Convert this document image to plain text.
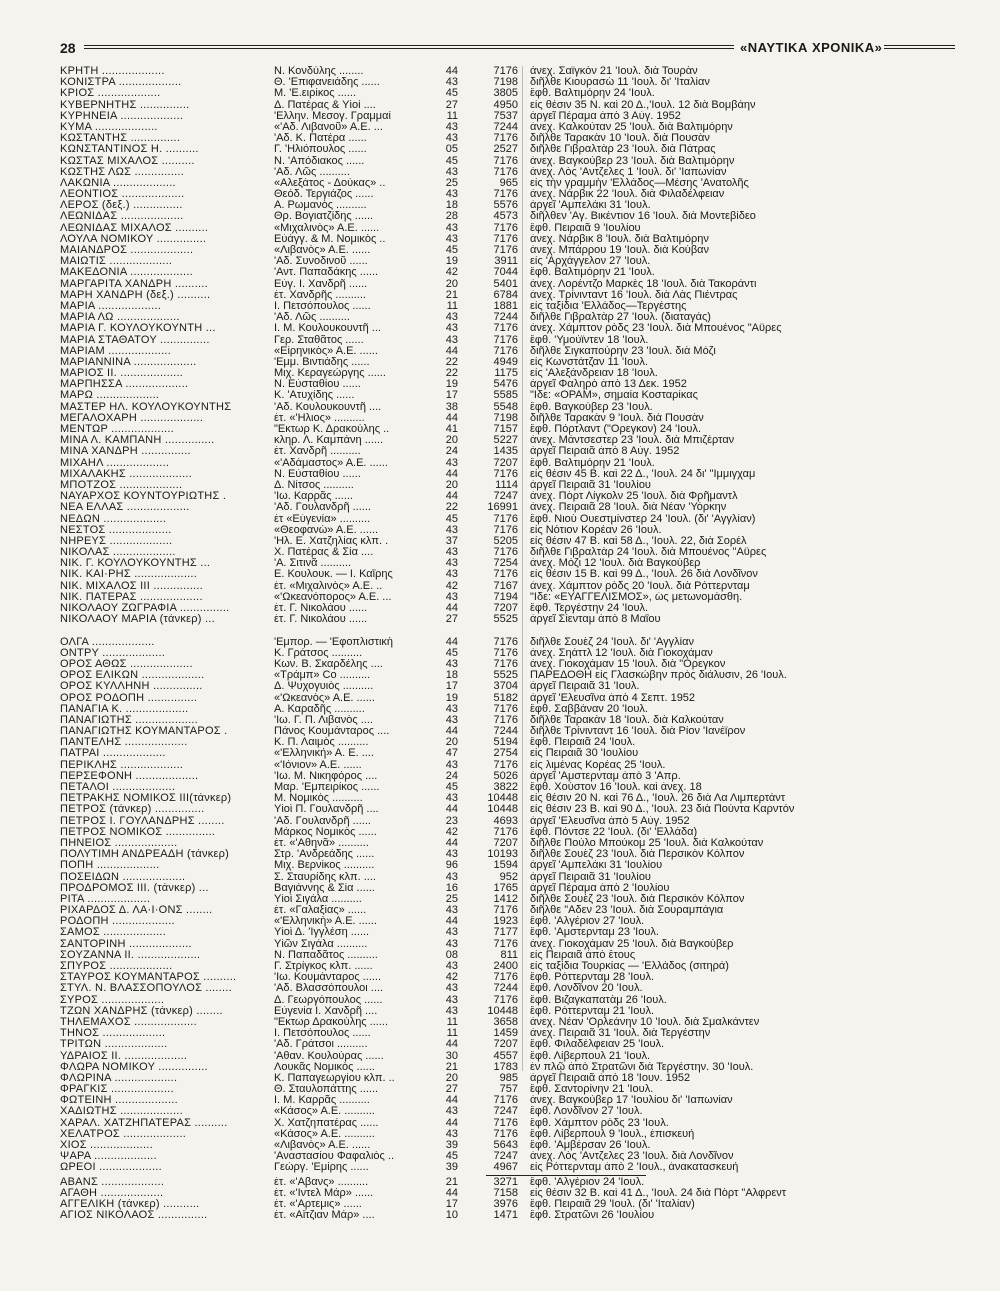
28	«ΝΑΥΤΙΚΑ ΧΡΟΝΙΚΑ»
ΚΡΗΤΗ ...................	Ν. Κονδύλης ........	44	7176 άνεχ. Σαϊγκὸν 21 'Ιουλ. διὰ Τουρὰν
ΚΟΝΙΣΤΡΑ ...................	Θ. 'Επιφανειάδης ......	43	7198 διῆλθε Κιουρασὼ 11 'Ιουλ. δι' 'Ιταλίαν
ΚΡΙΟΣ ...................	Μ. 'Ε.ειρίκος ......	45	3805 ἔφθ. Βαλτιμόρην 24 'Ιουλ.
ΚΥΒΕΡΝΗΤΗΣ ...............	Δ. Πατέρας & Υἱοί ....	27	4950 εἰς θέσιν 35 Ν. καὶ 20 Δ.,'Ιουλ. 12 διὰ Βομβάην
ΚΥΡΗΝΕΙΑ ...................	'Ελλην. Μεσογ. Γραμμαί	11	7537 ἀργεῖ Πέραμα ἀπὸ 3 Αὐγ. 1952
ΚΥΜΑ ...................	«'Αδ. Λιβανοῦ» Α.Ε. ...	43	7244 ἀνεχ. Καλκούταν 25 'Ιουλ. διὰ Βαλτιμόρην
ΚΩΣΤΑΝΤΗΣ ...............	'Αδ. Κ. Πατέρα ......	43	7176 διῆλθε Ταρακὰν 10 'Ιουλ. διὰ Πουσὰν
ΚΩΝΣΤΑΝΤΙΝΟΣ Η. ..........	Γ. 'Ηλιόπουλος ......	05	2527 διῆλθε Γιβραλτὰρ 23 'Ιουλ. διὰ Πάτρας
ΚΩΣΤΑΣ ΜΙΧΑΛΟΣ ..........	Ν. 'Απόδιακος ......	45	7176 ἀνεχ. Βαγκούβερ 23 'Ιουλ. διὰ Βαλτιμόρην
ΚΩΣΤΗΣ ΛΩΣ ...............	'Αδ. Λῶς ..........	43	7176 ἀνεχ. Λὸς 'Αντζελες 1 'Ιουλ. δι' 'Ιαπωνίαν
ΛΑΚΩΝΙΑ ...................	«Αλεξάτος - Δούκας» ..	25	965 εἰς τὴν γραμμὴν 'Ελλάδος—Μέσης 'Ανατολῆς
ΛΕΟΝΤΙΟΣ ...................	Θεόδ. Τεργιάζος ......	43	7176 ἀνεχ. Νάρβικ 22 'Ιουλ. διὰ Φιλαδέλφειαν
ΛΕΡΟΣ (δεξ.) ...............	Α. Ρωμανὸς ..........	18	5576 ἀργεῖ 'Αμπελάκι 31 'Ιουλ.
ΛΕΩΝΙΔΑΣ ...................	Θρ. Βογιατζίδης ......	28	4573 διῆλθεν 'Αγ. Βικέντιον 16 'Ιουλ. διὰ Μοντεβίδεο
ΛΕΩΝΙΔΑΣ ΜΙΧΑΛΟΣ ..........	«Μιχαλινὸς» Α.Ε. ......	43	7176 ἔφθ. Πειραιᾶ 9 'Ιουλίου
ΛΟΥΛΑ ΝΟΜΙΚΟΥ ...............	Εὐάγγ. & Μ. Νομικὸς ..	43	7176 ἀνεχ. Νάρβικ 8 'Ιουλ. διὰ Βαλτιμόρην
ΜΑΙΑΝΔΡΟΣ ...................	«Λιβανὸς» Α.Ε. ......	45	7176 ἀνεχ. Μπάρρου 19 'Ιουλ. διὰ Κούβαν
ΜΑΙΩΤΙΣ ...................	'Αδ. Συνοδινοῦ ......	19	3911 εἰς 'Αρχάγγελον 27 'Ιουλ.
ΜΑΚΕΔΟΝΙΑ ...................	'Αντ. Παπαδάκης ......	42	7044 ἔφθ. Βαλτιμόρην 21 'Ιουλ.
ΜΑΡΓΑΡΙΤΑ ΧΑΝΔΡΗ ..........	Εὐγ. Ι. Χανδρῆ ......	20	5401 ἀνεχ. Λορέντζο Μαρκὲς 18 'Ιουλ. διὰ Τακοράντι
ΜΑΡΗ ΧΑΝΔΡΗ (δεξ.) ..........	ἐτ. Χανδρῆς ..........	21	6784 ἀνεχ. Τρίνινταντ 16 'Ιουλ. διὰ Λὰς Πιέντρας
ΜΑΡΙΑ ...................	Ι. Πετσόπουλος ......	11	1881 εἰς ταξίδια 'Ελλάδος—Τεργέστης
ΜΑΡΙΑ ΛΩ ...................	'Αδ. Λῶς ..........	43	7244 διῆλθε Γιβραλτὰρ 27 'Ιουλ. (διαταγάς)
ΜΑΡΙΑ Γ. ΚΟΥΛΟΥΚΟΥΝΤΗ ...	Ι. Μ. Κουλουκουντῆ ...	43	7176 ἀνεχ. Χάμπτον ρὸδς 23 'Ιουλ. διὰ Μπουένος "Αϋρες
ΜΑΡΙΑ ΣΤΑΘΑΤΟΥ ...............	Γερ. Σταθᾶτος ......	43	7176 ἔφθ. 'Υμούϊντεν 18 'Ιουλ.
ΜΑΡΙΑΜ ...................	«Εἰρηνικὸς» Α.Ε. ......	44	7176 διῆλθε Σιγκαπούρην 23 'Ιουλ. διὰ Μόζι
ΜΑΡΙΑΝΝΙΝΑ ...................	'Εμμ. Βιντιάδης ......	22	4949 εἰς Κωνστάτζαν 11 'Ιουλ.
ΜΑΡΙΟΣ ΙΙ. ...................	Μιχ. Κεραγεώργης ......	22	1175 εἰς 'Αλεξάνδρειαν 18 'Ιουλ.
ΜΑΡΠΗΣΣΑ ...................	Ν. Εὐσταθίου ......	19	5476 ἀργεῖ Φαληρὸ ἀπὸ 13 Δεκ. 1952
ΜΑΡΩ ...................	Κ. 'Ατυχίδης ......	17	5585 "Ιδε: «ΟΡΑΜ», σημαία Κοσταρίκας
ΜΑΣΤΕΡ ΗΛ. ΚΟΥΛΟΥΚΟΥΝΤΗΣ	'Αδ. Κουλουκουντῆ ....	38	5548 ἔφθ. Βαγκούβερ 23 'Ιουλ.
ΜΕΓΑΛΟΧΑΡΗ ...................	ἐτ. «'Ηλιος» ..........	44	7198 διῆλθε Ταρακὰν 9 'Ιουλ. διὰ Πουσὰν
ΜΕΝΤΩΡ ...................	"Εκτωρ Κ. Δρακούλης ..	41	7157 ἔφθ. Πόρτλαντ ("Ορεγκον) 24 'Ιουλ.
ΜΙΝΑ Λ. ΚΑΜΠΑΝΗ ...............	κληρ. Λ. Καμπάνη ......	20	5227 ἀνεχ. Μάντσεστερ 23 'Ιουλ. διὰ Μπιζέρταν
ΜΙΝΑ ΧΑΝΔΡΗ ...............	ἐτ. Χανδρῆ ..........	24	1435 ἀργεῖ Πειραιᾶ ἀπὸ 8 Αὐγ. 1952
ΜΙΧΑΗΛ ...................	«'Αδάμαστος» Α.Ε. ......	43	7207 ἔφθ. Βαλτιμόρην 21 'Ιουλ.
ΜΙΧΑΛΑΚΗΣ ...................	Ν. Εὐσταθίου ......	44	7176 εἰς θέσιν 45 Β. καὶ 22 Δ., 'Ιουλ. 24 δι' "Ιμμιγχαμ
ΜΠΟΤΖΟΣ ...................	Δ. Νίτσος ..........	20	1114 ἀργεῖ Πειραιᾶ 31 'Ιουλίου
ΝΑΥΑΡΧΟΣ ΚΟΥΝΤΟΥΡΙΩΤΗΣ .	'Ιω. Καρρᾶς ......	44	7247 ἀνεχ. Πὸρτ Λίγκολν 25 'Ιουλ. διὰ Φρῆμαντλ
ΝΕΑ ΕΛΛΑΣ ...................	'Αδ. Γουλανδρῆ ......	22	16991 ἀνεχ. Πειραιᾶ 28 'Ιουλ. διὰ Νέαν 'Υόρκην
ΝΕΔΩΝ ...................	ἐτ «Εὐγενία» ..........	45	7176 ἔφθ. Νιοὺ Ουεστμίνστερ 24 'Ιουλ. (δι' 'Αγγλίαν)
ΝΕΣΤΟΣ ...................	«Θεοφανὼ» Α.Ε. ......	43	7176 εἰς Νότιον Κορέαν 26 'Ιουλ.
ΝΗΡΕΥΣ ...................	'Ηλ. Ε. Χατζηλίας κλπ. .	37	5205 εἰς θέσιν 47 Β. καὶ 58 Δ., 'Ιουλ. 22, διὰ Σορέλ
ΝΙΚΟΛΑΣ ...................	Χ. Πατέρας & Σία ....	43	7176 διῆλθε Γιβραλτὰρ 24 'Ιουλ. διὰ Μπουένος "Αϋρες
ΝΙΚ. Γ. ΚΟΥΛΟΥΚΟΥΝΤΗΣ ...	'Α. Σιτινᾶ ..........	43	7254 ἀνεχ. Μόζι 12 'Ιουλ. διὰ Βαγκούβερ
ΝΙΚ. ΚΑΙ·ΡΗΣ ...................	Ε. Κουλουκ. — Ι. Καΐρης	43	7176 εἰς θέσιν 15 Β. καὶ 99 Δ., 'Ιουλ. 26 διὰ Λονδῖνον
ΝΙΚ. ΜΙΧΑΛΟΣ ΙΙΙ ...............	ἐτ. «Μιχαλινὸς» Α.Ε. ..	42	7167 ἀνεχ. Χάμπτον ρὸδς 20 'Ιουλ. διὰ Ρόττερνταμ
ΝΙΚ. ΠΑΤΕΡΑΣ ...................	«'Ωκεανόπορος» Α.Ε. ...	43	7194 "Ιδε: «ΕΥΑΓΓΕΛΙΣΜΟΣ», ὡς μετωνομάσθη.
ΝΙΚΟΛΑΟΥ ΖΩΓΡΑΦΙΑ ...............	ἐτ. Γ. Νικολάου ......	44	7207 ἔφθ. Τεργέστην 24 'Ιουλ.
ΝΙΚΟΛΑΟΥ ΜΑΡΙΑ (τάνκερ) ...	ἐτ. Γ. Νικολάου ......	27	5525 ἀργεῖ Σίενταμ ἀπὸ 8 Μαΐου
ΟΛΓΑ ...................	'Εμπορ. — 'Εφοπλιστικὴ	44	7176 διῆλθε Σουὲζ 24 'Ιουλ. δι' 'Αγγλίαν
ΟΝΤΡΥ ...................	Κ. Γράτσος ..........	45	7176 ἀνεχ. Σηάττλ 12 'Ιουλ. διὰ Γιοκοχάμαν
ΟΡΟΣ ΑΘΩΣ ...................	Κων. Β. Σκαρδέλης ....	43	7176 ἀνεχ. Γιοκοχάμαν 15 'Ιουλ. διὰ "Ορεγκον
ΟΡΟΣ ΕΛΙΚΩΝ ...................	«Τράμπ» Co ..........	18	5525 ΠΑΡΕΔΟΘΗ εἰς Γλασκώβην πρὸς διάλυσιν, 26 'Ιουλ.
ΟΡΟΣ ΚΥΛΛΗΝΗ ...............	Δ. Ψυχογυιὸς ..........	17	3704 ἀργεῖ Πειραιᾶ 31 'Ιουλ.
ΟΡΟΣ ΡΟΔΟΠΗ ...............	«'Ωκεανὸς» Α.Ε. ......	19	5182 ἀργεῖ 'Ελευσῖνα ἀπὸ 4 Σεπτ. 1952
ΠΑΝΑΓΙΑ Κ. ...................	Α. Καραδῆς ..........	43	7176 ἔφθ. Σαββάναν 20 'Ιουλ.
ΠΑΝΑΓΙΩΤΗΣ ...................	'Ιω. Γ. Π. Λιβανὸς ....	43	7176 διῆλθε Ταρακὰν 18 'Ιουλ. διὰ Καλκούταν
ΠΑΝΑΓΙΩΤΗΣ ΚΟΥΜΑΝΤΑΡΟΣ .	Πάνος Κουμάνταρος ....	44	7244 διῆλθε Τρίνινταντ 16 'Ιουλ. διὰ Ρίον 'Ιανέϊρον
ΠΑΝΤΕΛΗΣ ...................	Κ. Π. Λαιμὸς ..........	20	5194 ἔφθ. Πειραιᾶ 24 'Ιουλ.
ΠΑΤΡΑΙ ...................	«'Ελληνική» Α. Ε. ....	47	2754 εἰς Πειραιᾶ 30 'Ιουλίου
ΠΕΡΙΚΛΗΣ ...................	«'Ιόνιον» Α.Ε. ......	43	7176 εἰς λιμένας Κορέας 25 'Ιουλ.
ΠΕΡΣΕΦΟΝΗ ...................	'Ιω. Μ. Νικηφόρος ....	24	5026 ἀργεῖ 'Αμστερνταμ ἀπὸ 3 'Απρ.
ΠΕΤΑΛΟΙ ...................	Μαρ. 'Εμπειρίκος ......	45	3822 ἔφθ. Χούστον 16 'Ιουλ. καὶ ἀνεχ. 18
ΠΕΤΡΑΚΗΣ ΝΟΜΙΚΟΣ ΙΙΙ(τάνκερ)	Μ. Νομικὸς ..........	43	10448 εἰς θέσιν 20 Ν. καὶ 76 Δ., 'Ιουλ. 26 διὰ Λα Λιμπερτάντ
ΠΕΤΡΟΣ (τάνκερ) ...............	Υἱοὶ Π. Γουλανδρῆ ....	44	10448 εἰς θέσιν 23 Β. καὶ 90 Δ., 'Ιουλ. 23 διὰ Πούντα Καρντόν
ΠΕΤΡΟΣ Ι. ΓΟΥΛΑΝΔΡΗΣ ........	'Αδ. Γουλανδρῆ ......	23	4693 ἀργεῖ 'Ελευσῖνα ἀπὸ 5 Αὐγ. 1952
ΠΕΤΡΟΣ ΝΟΜΙΚΟΣ ...............	Μάρκος Νομικὸς ......	42	7176 ἔφθ. Πόντσε 22 'Ιουλ. (δι' 'Ελλάδα)
ΠΗΝΕΙΟΣ ...................	ἐτ. «'Αθηνᾶ» ..........	44	7207 διῆλθε Πούλο Μπούκομ 25 'Ιουλ. διὰ Καλκούταν
ΠΟΛΥΤΙΜΗ ΑΝΔΡΕΑΔΗ (τάνκερ)	Στρ. 'Ανδρεάδης ......	43	10193 διῆλθε Σουὲζ 23 'Ιουλ. διὰ Περσικὸν Κόλπον
ΠΟΠΗ ...................	Μιχ. Βερνίκος ..........	96	1594 ἀργεῖ 'Αμπελάκι 31 'Ιουλίου
ΠΟΣΕΙΔΩΝ ...................	Σ. Σταυρίδης κλπ. ....	43	952 ἀργεῖ Πειραιᾶ 31 'Ιουλίου
ΠΡΟΔΡΟΜΟΣ ΙΙΙ. (τάνκερ) ...	Βαγιάννης & Σία ......	16	1765 ἀργεῖ Πέραμα ἀπὸ 2 'Ιουλίου
ΡΙΤΑ ...................	Υἱοὶ Σιγάλα ..........	25	1412 διῆλθε Σουὲζ 23 'Ιουλ. διὰ Περσικὸν Κόλπον
ΡΙΧΑΡΔΟΣ Δ. ΛΑ·Ι·ΟΝΣ ........	ἐτ. «Γαλαξίας» ......	43	7176 διῆλθε "Αδεν 23 'Ιουλ. διὰ Σουραμπάγια
ΡΟΔΟΠΗ ...................	«'Ελληνικὴ» Α.Ε. ......	44	1923 ἔφθ. 'Αλγέριον 27 'Ιουλ.
ΣΑΜΟΣ ...................	Υἱοὶ Δ. 'Ιγγλέση ......	43	7177 ἔφθ. 'Αμστερνταμ 23 'Ιουλ.
ΣΑΝΤΟΡΙΝΗ ...................	Υἱῶν Σιγάλα ..........	43	7176 ἀνεχ. Γιοκοχάμαν 25 'Ιουλ. διὰ Βαγκούβερ
ΣΟΥΖΑΝΝΑ ΙΙ. ...................	Ν. Παπαδᾶτος ..........	08	811 εἰς Πειραιᾶ ἀπὸ ἔτους
ΣΠΥΡΟΣ ...................	Γ. Στρίγκος κλπ. ......	43	2400 εἰς ταξίδια Τουρκίας — 'Ελλάδος (σιτηρά)
ΣΤΑΥΡΟΣ ΚΟΥΜΑΝΤΑΡΟΣ ..........	'Ιω. Κουμάνταρος ......	42	7176 ἔφθ. Ρόττερνταμ 28 'Ιουλ.
ΣΤΥΛ. Ν. ΒΛΑΣΣΟΠΟΥΛΟΣ ........	'Αδ. Βλασσόπουλοι ....	43	7244 ἔφθ. Λονδῖνον 20 'Ιουλ.
ΣΥΡΟΣ ...................	Δ. Γεωργόπουλος ......	43	7176 ἔφθ. Βιζαγκαπατὰμ 26 'Ιουλ.
ΤΖΩΝ ΧΑΝΔΡΗΣ (τάνκερ) ........	Εὐγενία Ι. Χανδρῆ ....	43	10448 ἔφθ. Ρόττερνταμ 21 'Ιουλ.
ΤΗΛΕΜΑΧΟΣ ...................	"Εκτωρ Δρακούλης ......	11	3658 ἀνεχ. Νέαν 'Ορλεάνην 10 'Ιουλ. διὰ Σμαλκάντεν
ΤΗΝΟΣ ...................	Ι. Πετσόπουλος ......	11	1459 ἀνεχ. Πειραιᾶ 31 'Ιουλ. διὰ Τεργέστην
ΤΡΙΤΩΝ ...................	'Αδ. Γράτσοι ..........	44	7207 ἔφθ. Φιλαδέλφειαν 25 'Ιουλ.
ΥΔΡΑΙΟΣ ΙΙ. ...................	'Αθαν. Κουλούρας ......	30	4557 ἔφθ. Λίβερπουλ 21 'Ιουλ.
ΦΛΩΡΑ ΝΟΜΙΚΟΥ ...............	Λουκᾶς Νομικὸς ......	21	1783 ἐν πλῷ ἀπὸ Στρατῶνι διὰ Τεργέστην. 30 'Ιουλ.
ΦΛΩΡΙΝΑ ...................	Κ. Παπαγεωργίου κλπ. ..	20	985 ἀργεῖ Πειραιᾶ ἀπὸ 18 'Ιουν. 1952
ΦΡΑΓΚΙΣ ...................	Θ. Σταυλοπάττης ......	27	757 ἔφθ. Σαντορίνην 21 'Ιουλ.
ΦΩΤΕΙΝΗ ...................	Ι. Μ. Καρρᾶς ..........	44	7176 ἀνεχ. Βαγκούβερ 17 'Ιουλίου δι' 'Ιαπωνίαν
ΧΑΔΙΩΤΗΣ ...................	«Κάσος» Α.Ε. ..........	43	7247 ἔφθ. Λονδῖνον 27 'Ιουλ.
ΧΑΡΑΛ. ΧΑΤΖΗΠΑΤΕΡΑΣ ..........	Χ. Χατζηπατέρας ......	44	7176 ἔφθ. Χάμπτον ρὸδς 23 'Ιουλ.
ΧΕΛΑΤΡΟΣ ...................	«Κάσος» Α.Ε. ..........	43	7176 ἔφθ. Λίβερπουλ 9 'Ιουλ., ἐπισκευή
ΧΙΟΣ ...................	«Λιβανὸς» Α.Ε. ......	39	5643 ἔφθ. 'Αμβέρσαν 26 'Ιουλ.
ΨΑΡΑ ...................	'Αναστασίου Φαφαλιὸς ..	45	7247 ἀνεχ. Λὸς 'Αντζελες 23 'Ιουλ. διὰ Λονδῖνον
ΩΡΕΟΙ ...................	Γεώργ. 'Εμίρης ......	39	4967 εἰς Ρόττερνταμ ἀπὸ 2 'Ιουλ., ἀνακατασκευή
ΑΒΑΝΣ ...................	ἐτ. «'Αβανς» ..........	21	3271 ἔφθ. 'Αλγέριον 24 'Ιουλ.
ΑΓΑΘΗ ...................	ἐτ. «'Ιντελ Μάρ» ......	44	7158 εἰς θέσιν 32 Β. καὶ 41 Δ., 'Ιουλ. 24 διὰ Πὸρτ "Αλφρεντ
ΑΓΓΕΛΙΚΗ (τάνκερ) ...........	ἐτ. «'Αρτεμις» ......	17	3976 ἔφθ. Πειραιᾶ 29 'Ιουλ. (δι' 'Ιταλίαν)
ΑΓΙΟΣ ΝΙΚΟΛΑΟΣ ...............	ἐτ. «Αἴτζιαν Μάρ» ....	10	1471 ἔφθ. Στρατῶνι 26 'Ιουλίου
